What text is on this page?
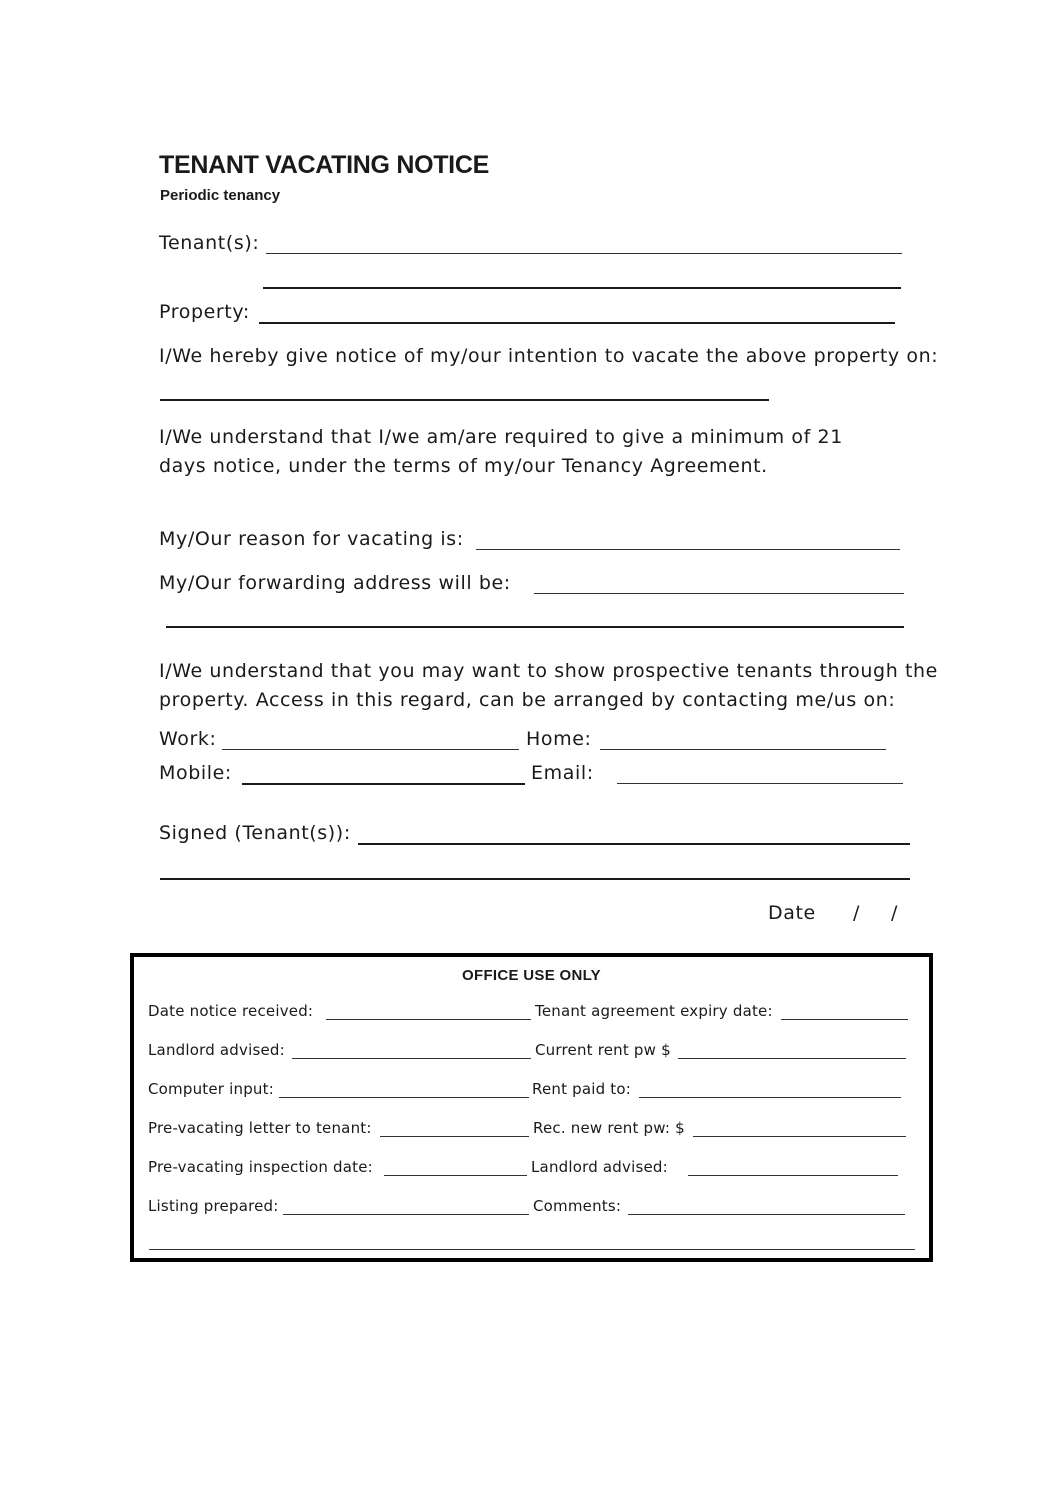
TENANT VACATING NOTICE
Periodic tenancy
Tenant(s):
Property:
I/We hereby give notice of my/our intention to vacate the above property on:
I/We understand that I/we am/are required to give a minimum of 21
days notice, under the terms of my/our Tenancy Agreement.
My/Our reason for vacating is:
My/Our forwarding address will be:
I/We understand that you may want to show prospective tenants through the
property. Access in this regard, can be arranged by contacting me/us on:
Work:	Home:
Mobile:	Email:
Signed (Tenant(s)):
Date / /
OFFICE USE ONLY
Date notice received:	Tenant agreement expiry date:
Landlord advised:	Current rent pw $
Computer input:	Rent paid to:
Pre-vacating letter to tenant:	Rec. new rent pw: $
Pre-vacating inspection date:	Landlord advised:
Listing prepared:	Comments:
